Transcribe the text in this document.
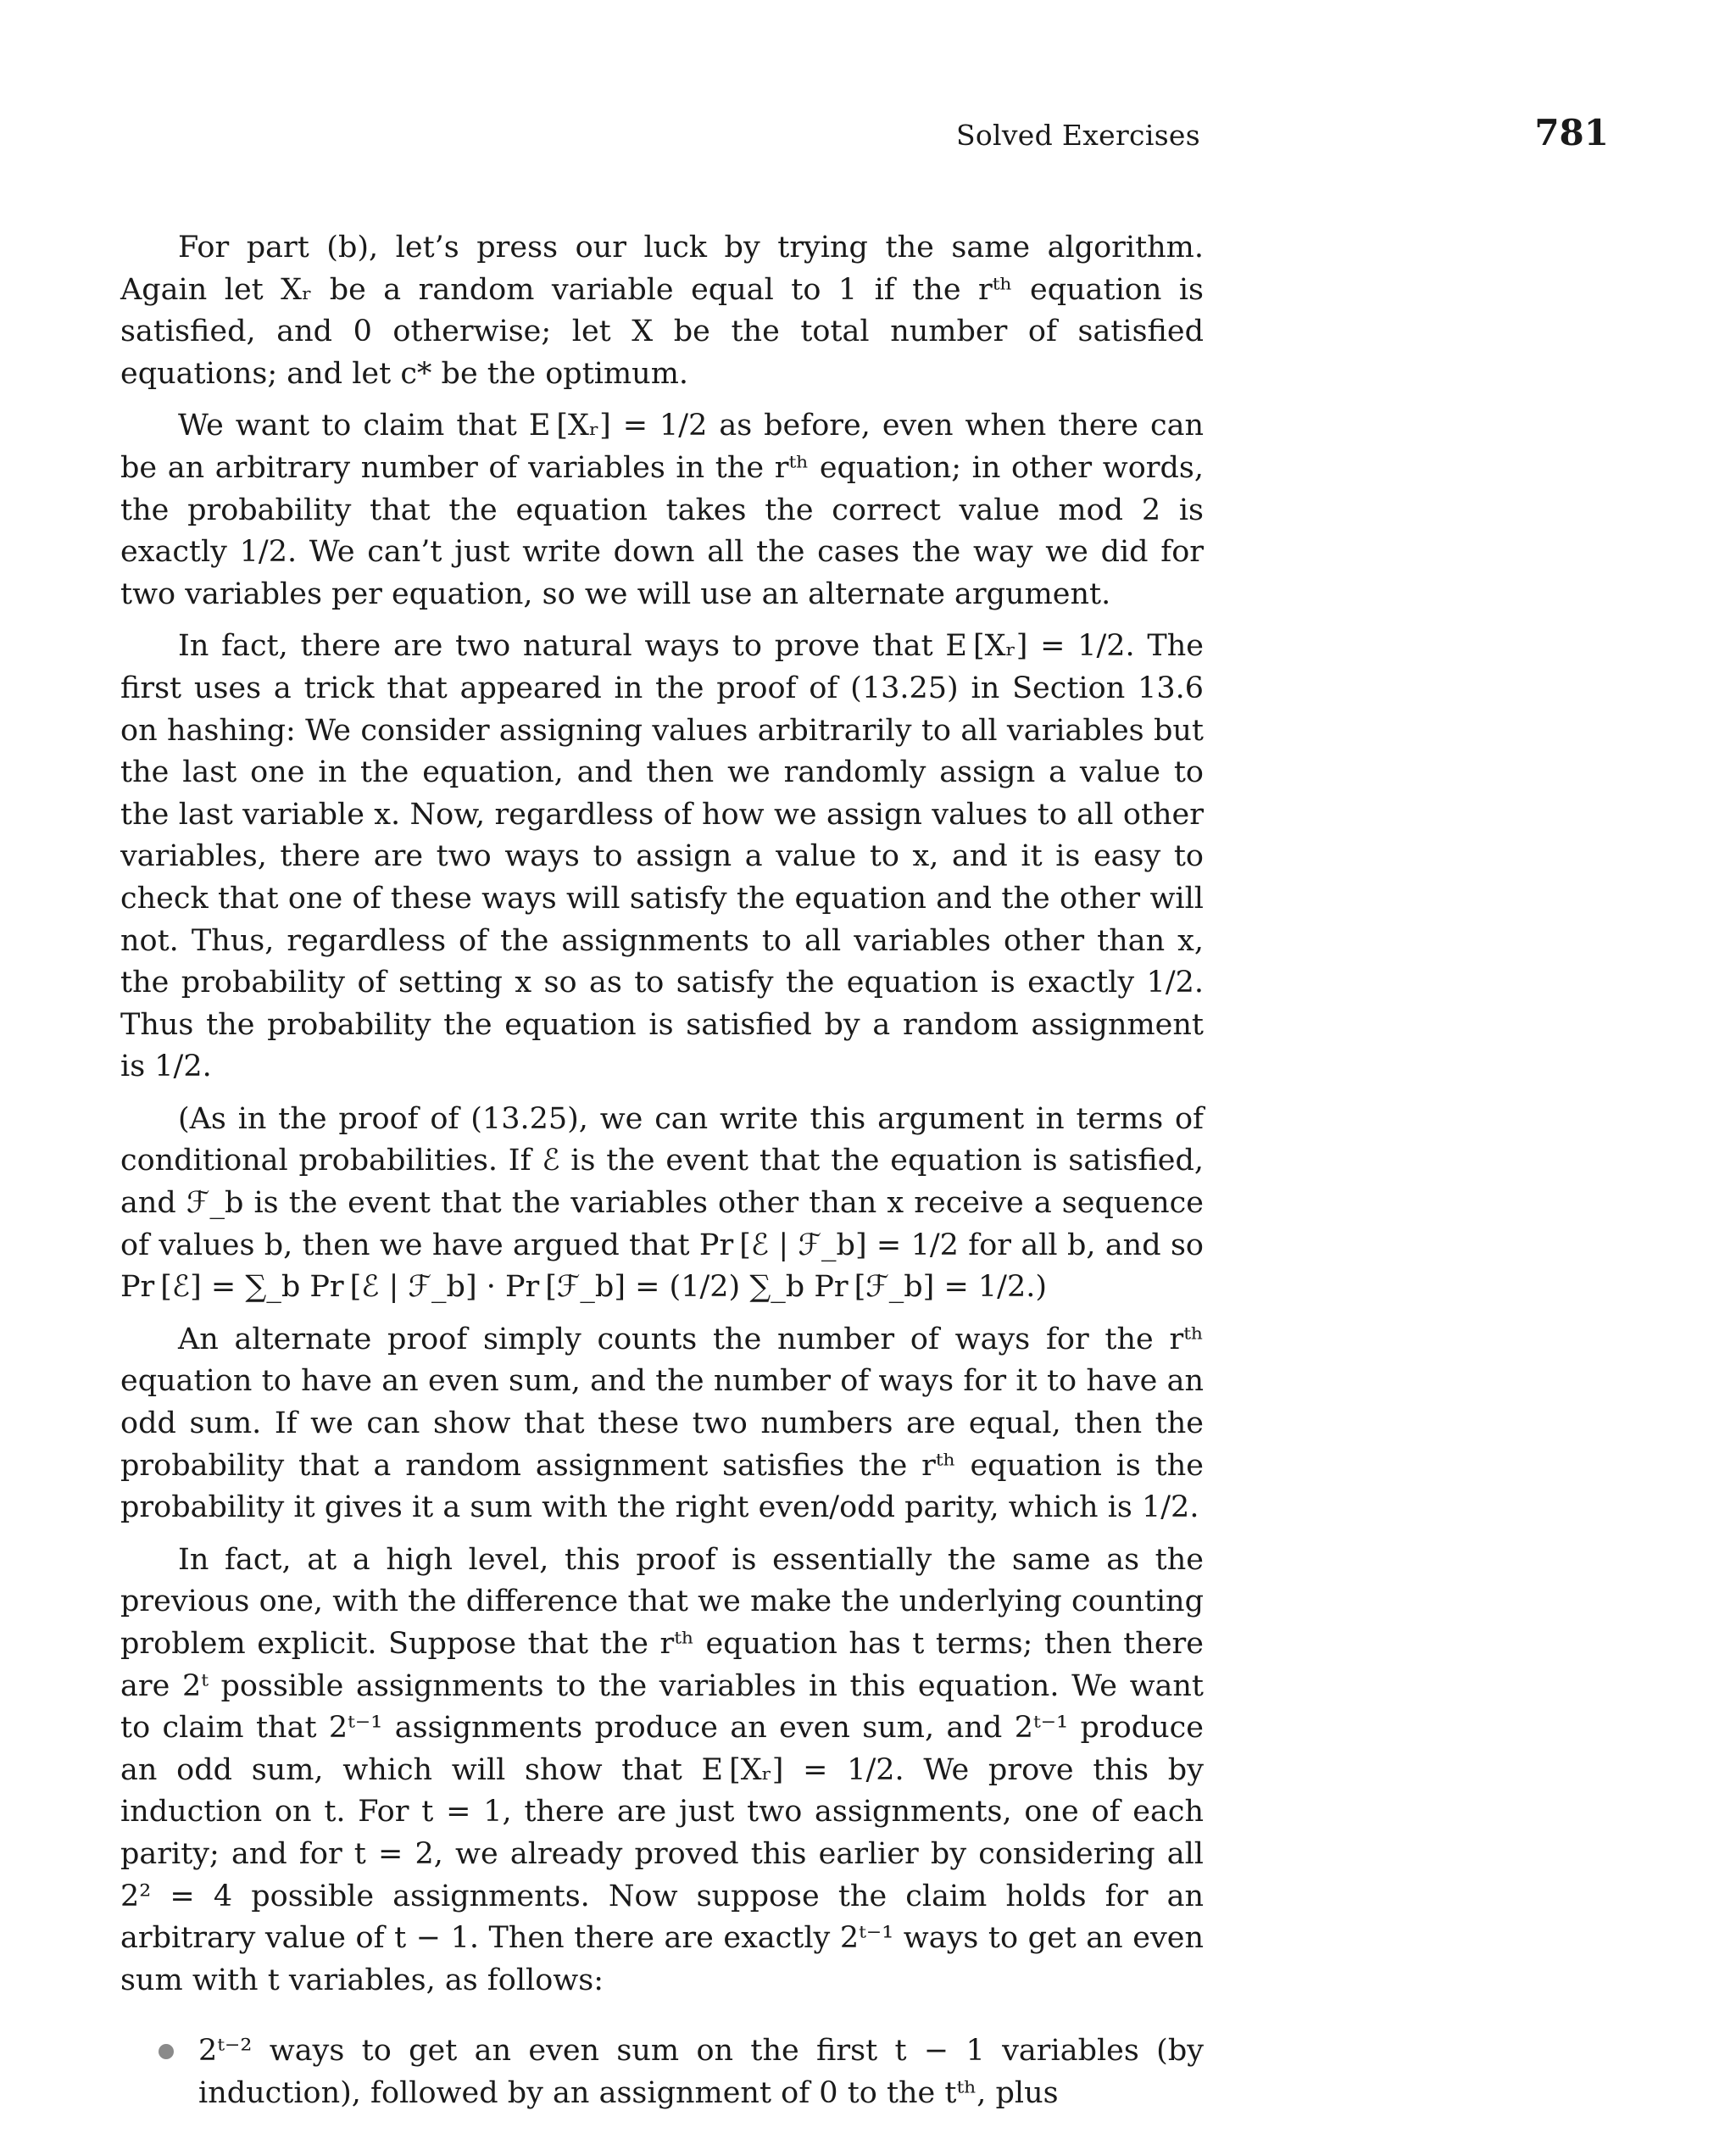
Solved Exercises	781

For part (b), let’s press our luck by trying the same algorithm. Again let Xᵣ be a random variable equal to 1 if the rᵗʰ equation is satisfied, and 0 otherwise; let X be the total number of satisfied equations; and let c* be the optimum.

We want to claim that E [Xᵣ] = 1/2 as before, even when there can be an arbitrary number of variables in the rᵗʰ equation; in other words, the probability that the equation takes the correct value mod 2 is exactly 1/2. We can’t just write down all the cases the way we did for two variables per equation, so we will use an alternate argument.

In fact, there are two natural ways to prove that E [Xᵣ] = 1/2. The first uses a trick that appeared in the proof of (13.25) in Section 13.6 on hashing: We consider assigning values arbitrarily to all variables but the last one in the equation, and then we randomly assign a value to the last variable x. Now, regardless of how we assign values to all other variables, there are two ways to assign a value to x, and it is easy to check that one of these ways will satisfy the equation and the other will not. Thus, regardless of the assignments to all variables other than x, the probability of setting x so as to satisfy the equation is exactly 1/2. Thus the probability the equation is satisfied by a random assignment is 1/2.

(As in the proof of (13.25), we can write this argument in terms of conditional probabilities. If ℰ is the event that the equation is satisfied, and ℱ_b is the event that the variables other than x receive a sequence of values b, then we have argued that Pr [ℰ | ℱ_b] = 1/2 for all b, and so Pr [ℰ] = ∑_b Pr [ℰ | ℱ_b] · Pr [ℱ_b] = (1/2) ∑_b Pr [ℱ_b] = 1/2.)

An alternate proof simply counts the number of ways for the rᵗʰ equation to have an even sum, and the number of ways for it to have an odd sum. If we can show that these two numbers are equal, then the probability that a random assignment satisfies the rᵗʰ equation is the probability it gives it a sum with the right even/odd parity, which is 1/2.

In fact, at a high level, this proof is essentially the same as the previous one, with the difference that we make the underlying counting problem explicit. Suppose that the rᵗʰ equation has t terms; then there are 2ᵗ possible assignments to the variables in this equation. We want to claim that 2ᵗ⁻¹ assignments produce an even sum, and 2ᵗ⁻¹ produce an odd sum, which will show that E [Xᵣ] = 1/2. We prove this by induction on t. For t = 1, there are just two assignments, one of each parity; and for t = 2, we already proved this earlier by considering all 2² = 4 possible assignments. Now suppose the claim holds for an arbitrary value of t − 1. Then there are exactly 2ᵗ⁻¹ ways to get an even sum with t variables, as follows:

2ᵗ⁻² ways to get an even sum on the first t − 1 variables (by induction), followed by an assignment of 0 to the tᵗʰ, plus
